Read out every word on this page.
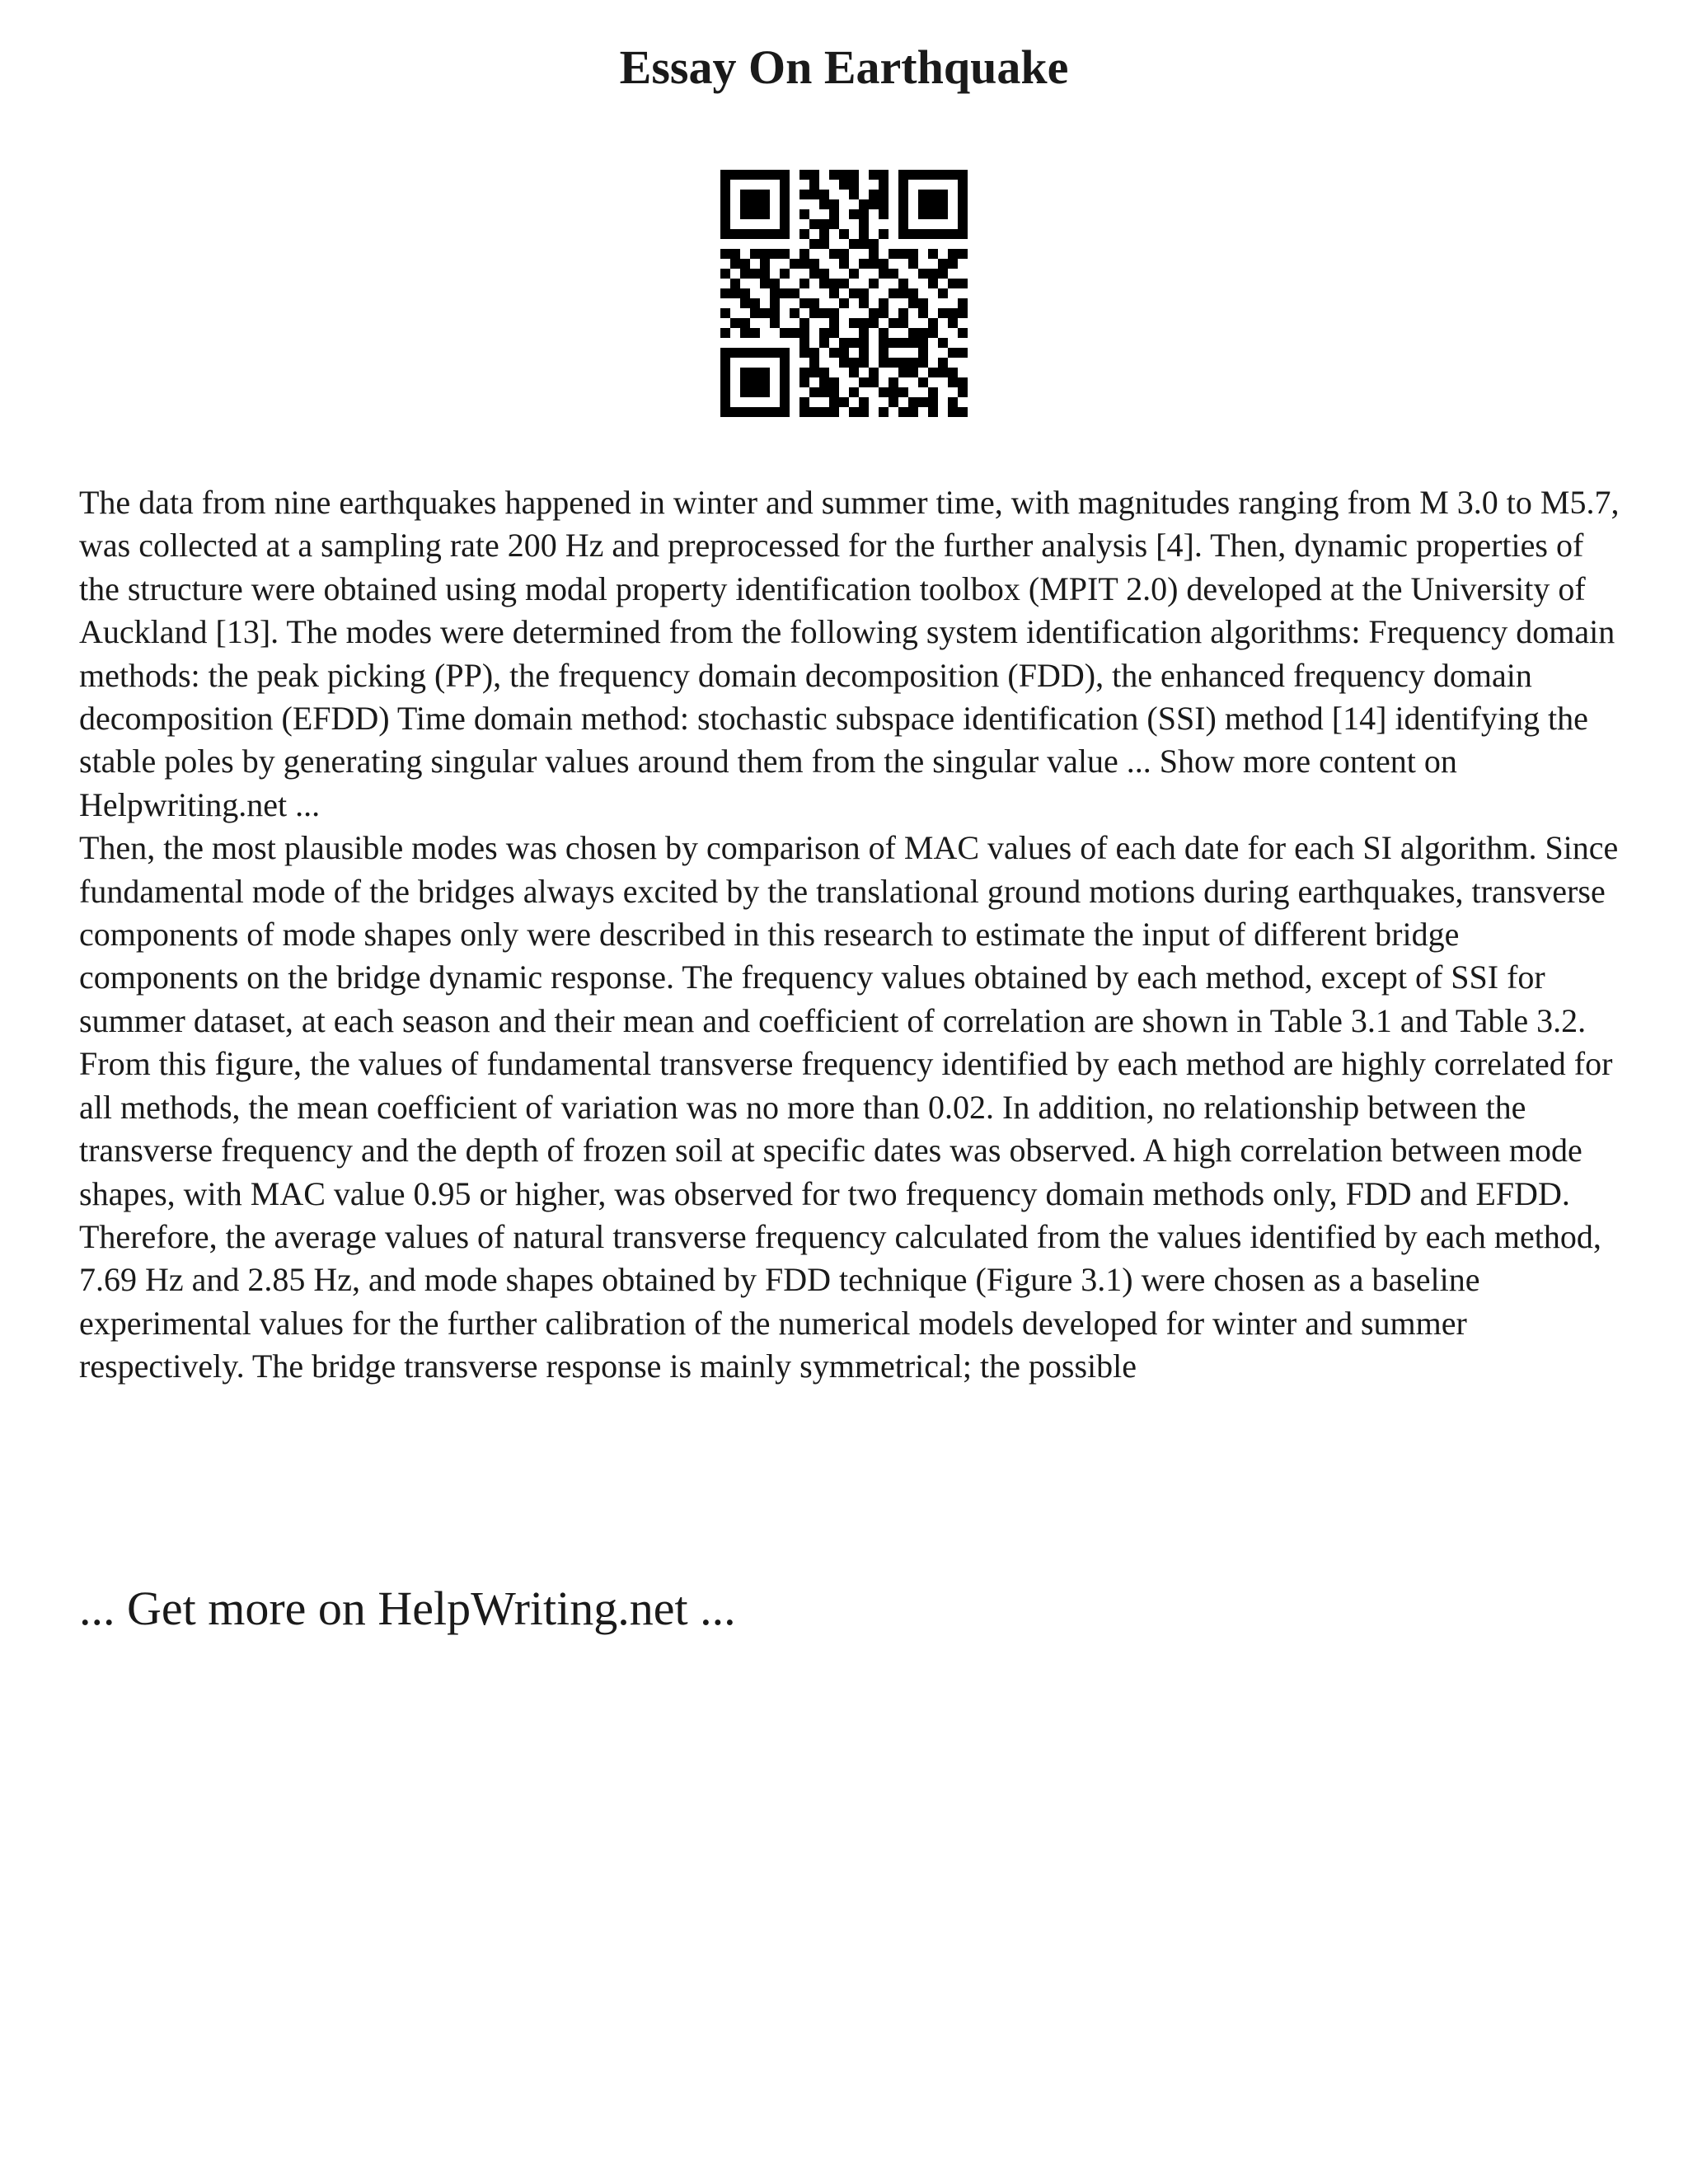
Essay On Earthquake

The data from nine earthquakes happened in winter and summer time, with magnitudes ranging from M 3.0 to M5.7, was collected at a sampling rate 200 Hz and preprocessed for the further analysis [4]. Then, dynamic properties of the structure were obtained using modal property identification toolbox (MPIT 2.0) developed at the University of Auckland [13]. The modes were determined from the following system identification algorithms: Frequency domain methods: the peak picking (PP), the frequency domain decomposition (FDD), the enhanced frequency domain decomposition (EFDD) Time domain method: stochastic subspace identification (SSI) method [14] identifying the stable poles by generating singular values around them from the singular value ... Show more content on Helpwriting.net ...

Then, the most plausible modes was chosen by comparison of MAC values of each date for each SI algorithm. Since fundamental mode of the bridges always excited by the translational ground motions during earthquakes, transverse components of mode shapes only were described in this research to estimate the input of different bridge components on the bridge dynamic response. The frequency values obtained by each method, except of SSI for summer dataset, at each season and their mean and coefficient of correlation are shown in Table 3.1 and Table 3.2. From this figure, the values of fundamental transverse frequency identified by each method are highly correlated for all methods, the mean coefficient of variation was no more than 0.02. In addition, no relationship between the transverse frequency and the depth of frozen soil at specific dates was observed. A high correlation between mode shapes, with MAC value 0.95 or higher, was observed for two frequency domain methods only, FDD and EFDD. Therefore, the average values of natural transverse frequency calculated from the values identified by each method, 7.69 Hz and 2.85 Hz, and mode shapes obtained by FDD technique (Figure 3.1) were chosen as a baseline experimental values for the further calibration of the numerical models developed for winter and summer respectively. The bridge transverse response is mainly symmetrical; the possible

... Get more on HelpWriting.net ...
